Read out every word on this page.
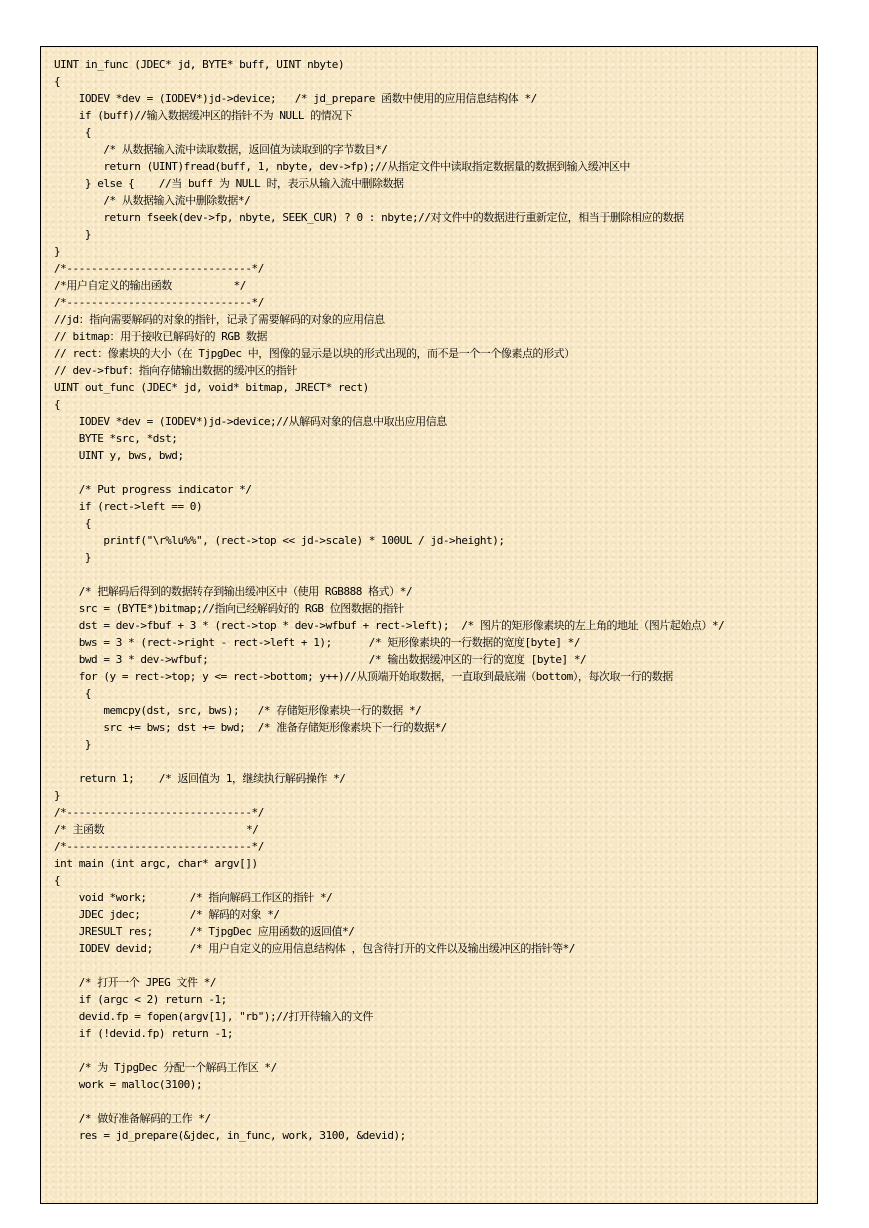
UINT in_func (JDEC* jd, BYTE* buff, UINT nbyte)
{
IODEV *dev = (IODEV*)jd->device;   /* jd_prepare 函数中使用的应用信息结构体 */
if (buff)//输入数据缓冲区的指针不为 NULL 的情况下
{
/* 从数据输入流中读取数据，返回值为读取到的字节数目*/
return (UINT)fread(buff, 1, nbyte, dev->fp);//从指定文件中读取指定数据量的数据到输入缓冲区中
} else {    //当 buff 为 NULL 时，表示从输入流中删除数据
/* 从数据输入流中删除数据*/
return fseek(dev->fp, nbyte, SEEK_CUR) ? 0 : nbyte;//对文件中的数据进行重新定位，相当于删除相应的数据
}
}
/*------------------------------*/
/*用户自定义的输出函数          */
/*------------------------------*/
//jd：指向需要解码的对象的指针，记录了需要解码的对象的应用信息
// bitmap：用于接收已解码好的 RGB 数据
// rect：像素块的大小（在 TjpgDec 中，图像的显示是以块的形式出现的，而不是一个一个像素点的形式）
// dev->fbuf：指向存储输出数据的缓冲区的指针
UINT out_func (JDEC* jd, void* bitmap, JRECT* rect)
{
IODEV *dev = (IODEV*)jd->device;//从解码对象的信息中取出应用信息
BYTE *src, *dst;
UINT y, bws, bwd;
/* Put progress indicator */
if (rect->left == 0)
{
printf("\r%lu%%", (rect->top << jd->scale) * 100UL / jd->height);
}
/* 把解码后得到的数据转存到输出缓冲区中（使用 RGB888 格式）*/
src = (BYTE*)bitmap;//指向已经解码好的 RGB 位图数据的指针
dst = dev->fbuf + 3 * (rect->top * dev->wfbuf + rect->left);  /* 图片的矩形像素块的左上角的地址（图片起始点）*/
bws = 3 * (rect->right - rect->left + 1);      /* 矩形像素块的一行数据的宽度[byte] */
bwd = 3 * dev->wfbuf;                          /* 输出数据缓冲区的一行的宽度 [byte] */
for (y = rect->top; y <= rect->bottom; y++)//从顶端开始取数据，一直取到最底端（bottom），每次取一行的数据
{
memcpy(dst, src, bws);   /* 存储矩形像素块一行的数据 */
src += bws; dst += bwd;  /* 准备存储矩形像素块下一行的数据*/
}
return 1;    /* 返回值为 1，继续执行解码操作 */
}
/*------------------------------*/
/* 主函数                       */
/*------------------------------*/
int main (int argc, char* argv[])
{
void *work;       /* 指向解码工作区的指针 */
JDEC jdec;        /* 解码的对象 */
JRESULT res;      /* TjpgDec 应用函数的返回值*/
IODEV devid;      /* 用户自定义的应用信息结构体 ，包含待打开的文件以及输出缓冲区的指针等*/
/* 打开一个 JPEG 文件 */
if (argc < 2) return -1;
devid.fp = fopen(argv[1], "rb");//打开待输入的文件
if (!devid.fp) return -1;
/* 为 TjpgDec 分配一个解码工作区 */
work = malloc(3100);
/* 做好准备解码的工作 */
res = jd_prepare(&jdec, in_func, work, 3100, &devid);
